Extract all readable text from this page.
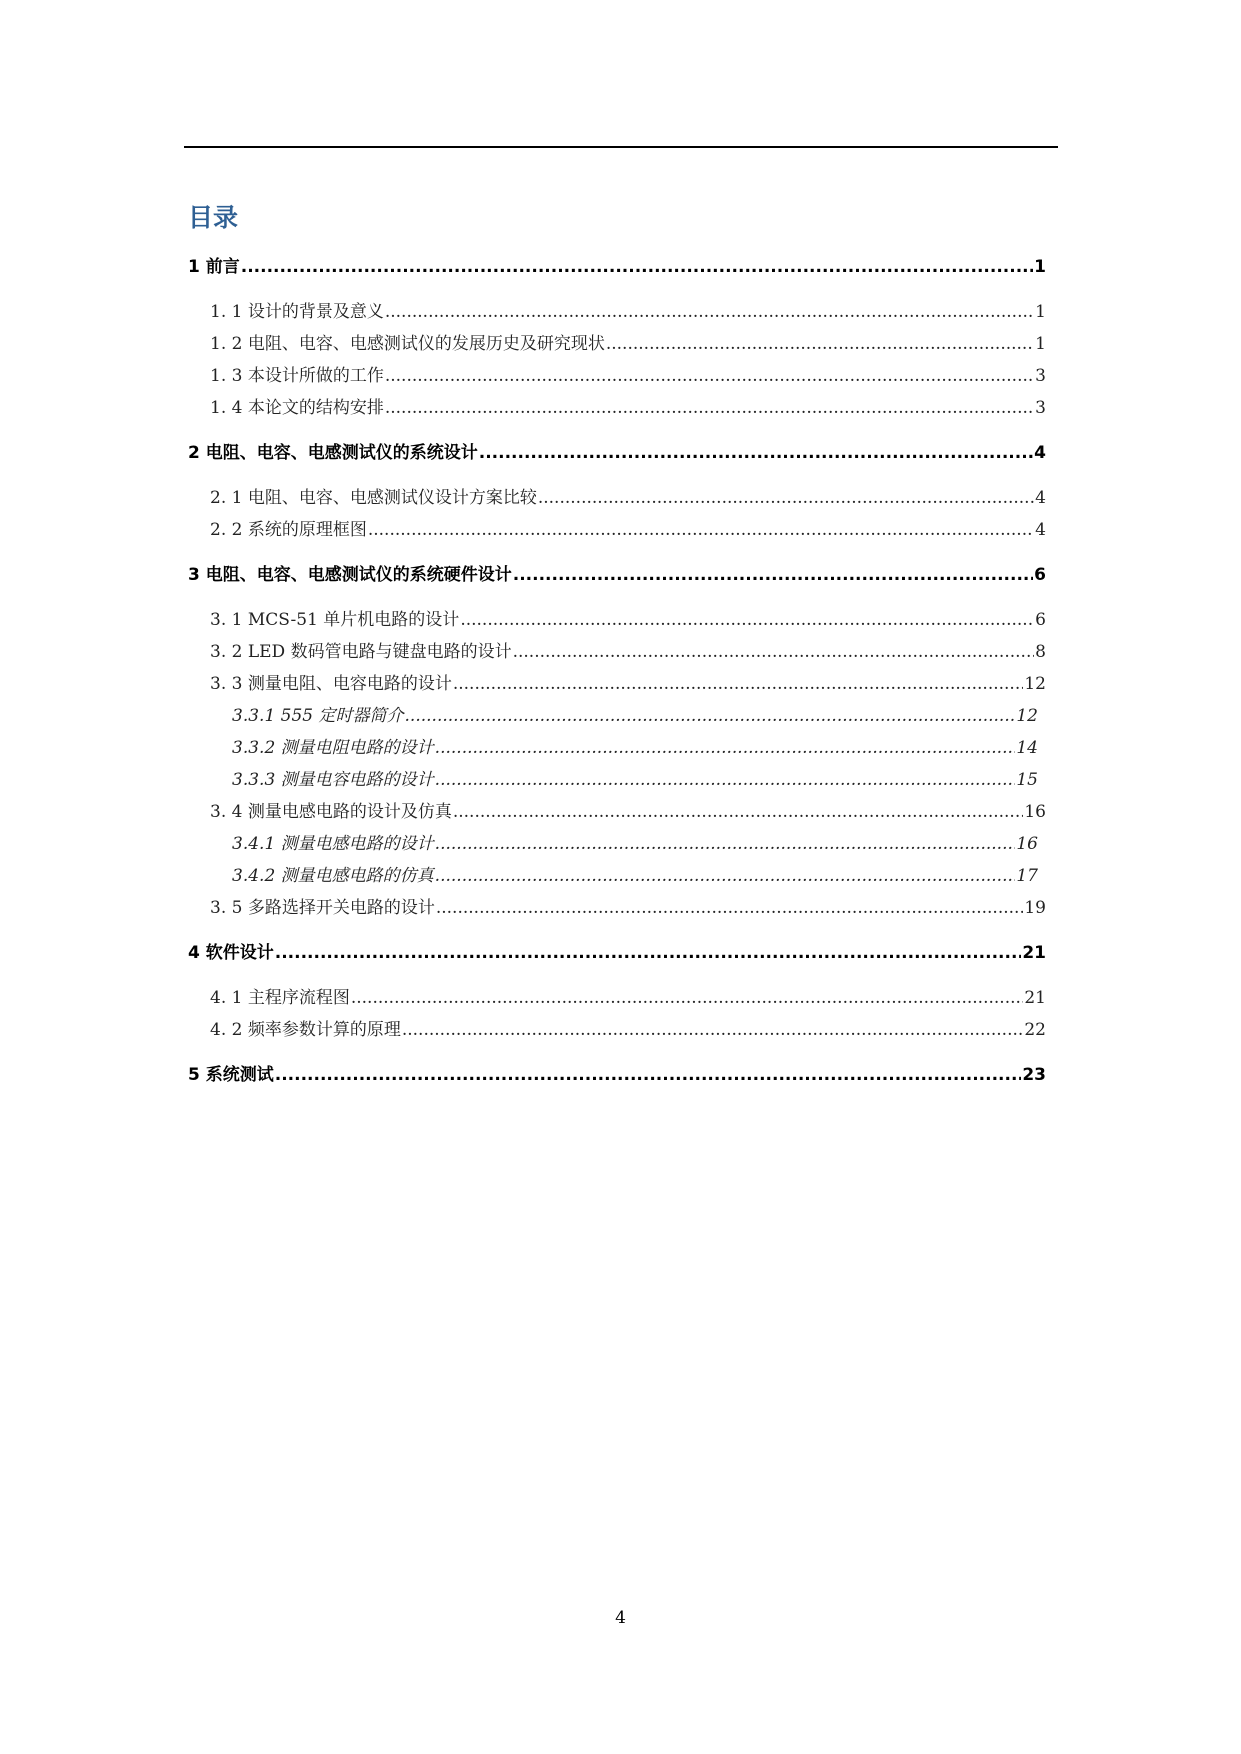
目录
1 前言 .....	1
1. 1 设计的背景及意义 .....	1
1. 2 电阻、电容、电感测试仪的发展历史及研究现状 .....	1
1. 3 本设计所做的工作 .....	3
1. 4 本论文的结构安排 .....	3
2 电阻、电容、电感测试仪的系统设计 .....	4
2. 1 电阻、电容、电感测试仪设计方案比较 .....	4
2. 2 系统的原理框图 .....	4
3 电阻、电容、电感测试仪的系统硬件设计 .....	6
3. 1 MCS-51 单片机电路的设计 .....	6
3. 2 LED 数码管电路与键盘电路的设计 .....	8
3. 3 测量电阻、电容电路的设计 .....	12
3.3.1 555 定时器简介 .....	12
3.3.2 测量电阻电路的设计 .....	14
3.3.3 测量电容电路的设计 .....	15
3. 4 测量电感电路的设计及仿真 .....	16
3.4.1 测量电感电路的设计 .....	16
3.4.2 测量电感电路的仿真 .....	17
3. 5 多路选择开关电路的设计 .....	19
4 软件设计 .....	21
4. 1 主程序流程图 .....	21
4. 2 频率参数计算的原理 .....	22
5 系统测试 .....	23
4
